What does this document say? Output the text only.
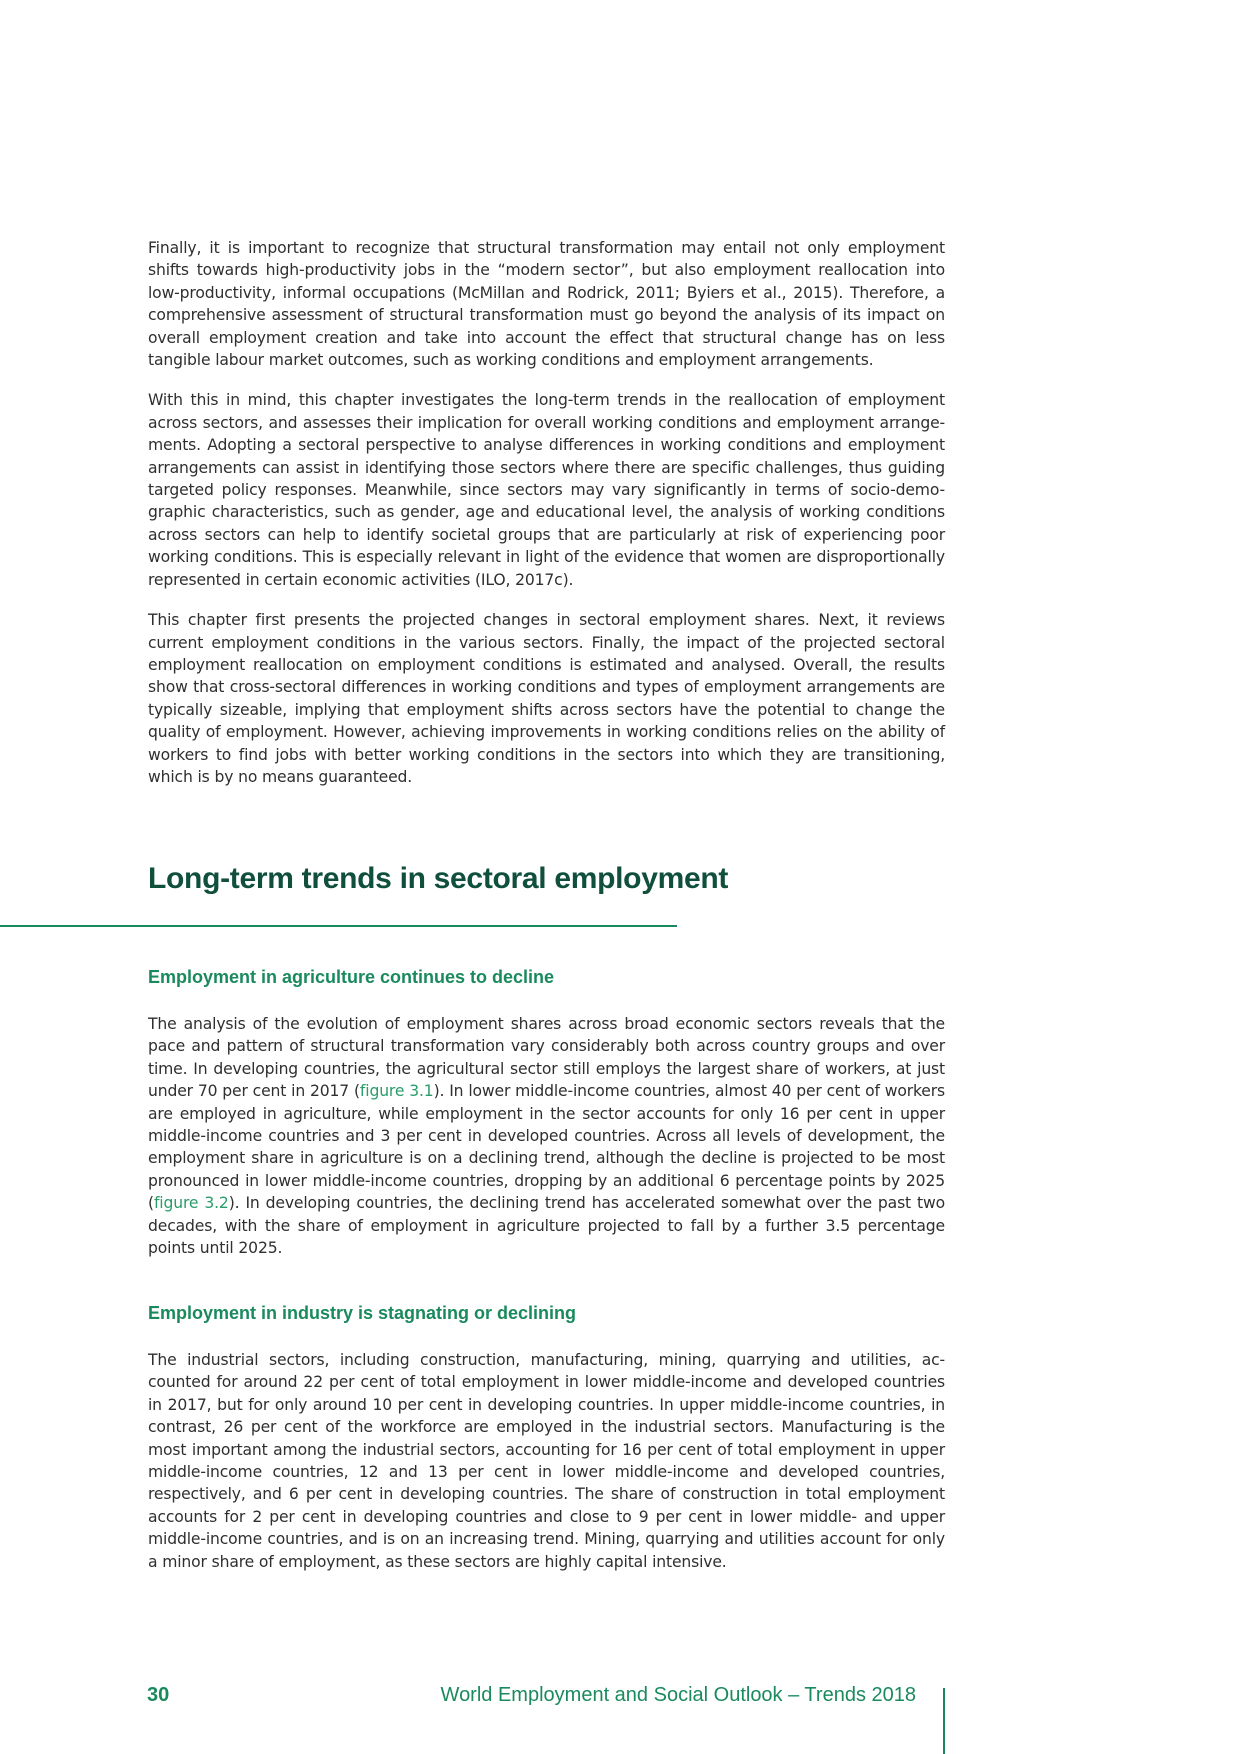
Finally, it is important to recognize that structural transformation may entail not only employment shifts towards high-productivity jobs in the “modern sector”, but also employment reallocation into low-productivity, informal occupations (McMillan and Rodrick, 2011; Byiers et al., 2015). Therefore, a comprehensive assessment of structural transformation must go beyond the analysis of its impact on overall employment creation and take into account the effect that structural change has on less tangible labour market outcomes, such as working conditions and employment arrangements.

With this in mind, this chapter investigates the long-term trends in the reallocation of employment across sectors, and assesses their implication for overall working conditions and employment arrange-ments. Adopting a sectoral perspective to analyse differences in working conditions and employment arrangements can assist in identifying those sectors where there are specific challenges, thus guiding targeted policy responses. Meanwhile, since sectors may vary significantly in terms of socio-demo-graphic characteristics, such as gender, age and educational level, the analysis of working conditions across sectors can help to identify societal groups that are particularly at risk of experiencing poor working conditions. This is especially relevant in light of the evidence that women are disproportionally represented in certain economic activities (ILO, 2017c).

This chapter first presents the projected changes in sectoral employment shares. Next, it reviews current employment conditions in the various sectors. Finally, the impact of the projected sectoral employment reallocation on employment conditions is estimated and analysed. Overall, the results show that cross-sectoral differences in working conditions and types of employment arrangements are typically sizeable, implying that employment shifts across sectors have the potential to change the quality of employment. However, achieving improvements in working conditions relies on the ability of workers to find jobs with better working conditions in the sectors into which they are transitioning, which is by no means guaranteed.

Long-term trends in sectoral employment
Employment in agriculture continues to decline

The analysis of the evolution of employment shares across broad economic sectors reveals that the pace and pattern of structural transformation vary considerably both across country groups and over time. In developing countries, the agricultural sector still employs the largest share of workers, at just under 70 per cent in 2017 (figure 3.1). In lower middle-income countries, almost 40 per cent of workers are employed in agriculture, while employment in the sector accounts for only 16 per cent in upper middle-income countries and 3 per cent in developed countries. Across all levels of development, the employment share in agriculture is on a declining trend, although the decline is projected to be most pronounced in lower middle-income countries, dropping by an additional 6 percentage points by 2025 (figure 3.2). In developing countries, the declining trend has accelerated somewhat over the past two decades, with the share of employment in agriculture projected to fall by a further 3.5 percentage points until 2025.

Employment in industry is stagnating or declining

The industrial sectors, including construction, manufacturing, mining, quarrying and utilities, ac-counted for around 22 per cent of total employment in lower middle-income and developed countries in 2017, but for only around 10 per cent in developing countries. In upper middle-income countries, in contrast, 26 per cent of the workforce are employed in the industrial sectors. Manufacturing is the most important among the industrial sectors, accounting for 16 per cent of total employment in upper middle-income countries, 12 and 13 per cent in lower middle-income and developed countries, respectively, and 6 per cent in developing countries. The share of construction in total employment accounts for 2 per cent in developing countries and close to 9 per cent in lower middle- and upper middle-income countries, and is on an increasing trend. Mining, quarrying and utilities account for only a minor share of employment, as these sectors are highly capital intensive.

30	World Employment and Social Outlook – Trends 2018
